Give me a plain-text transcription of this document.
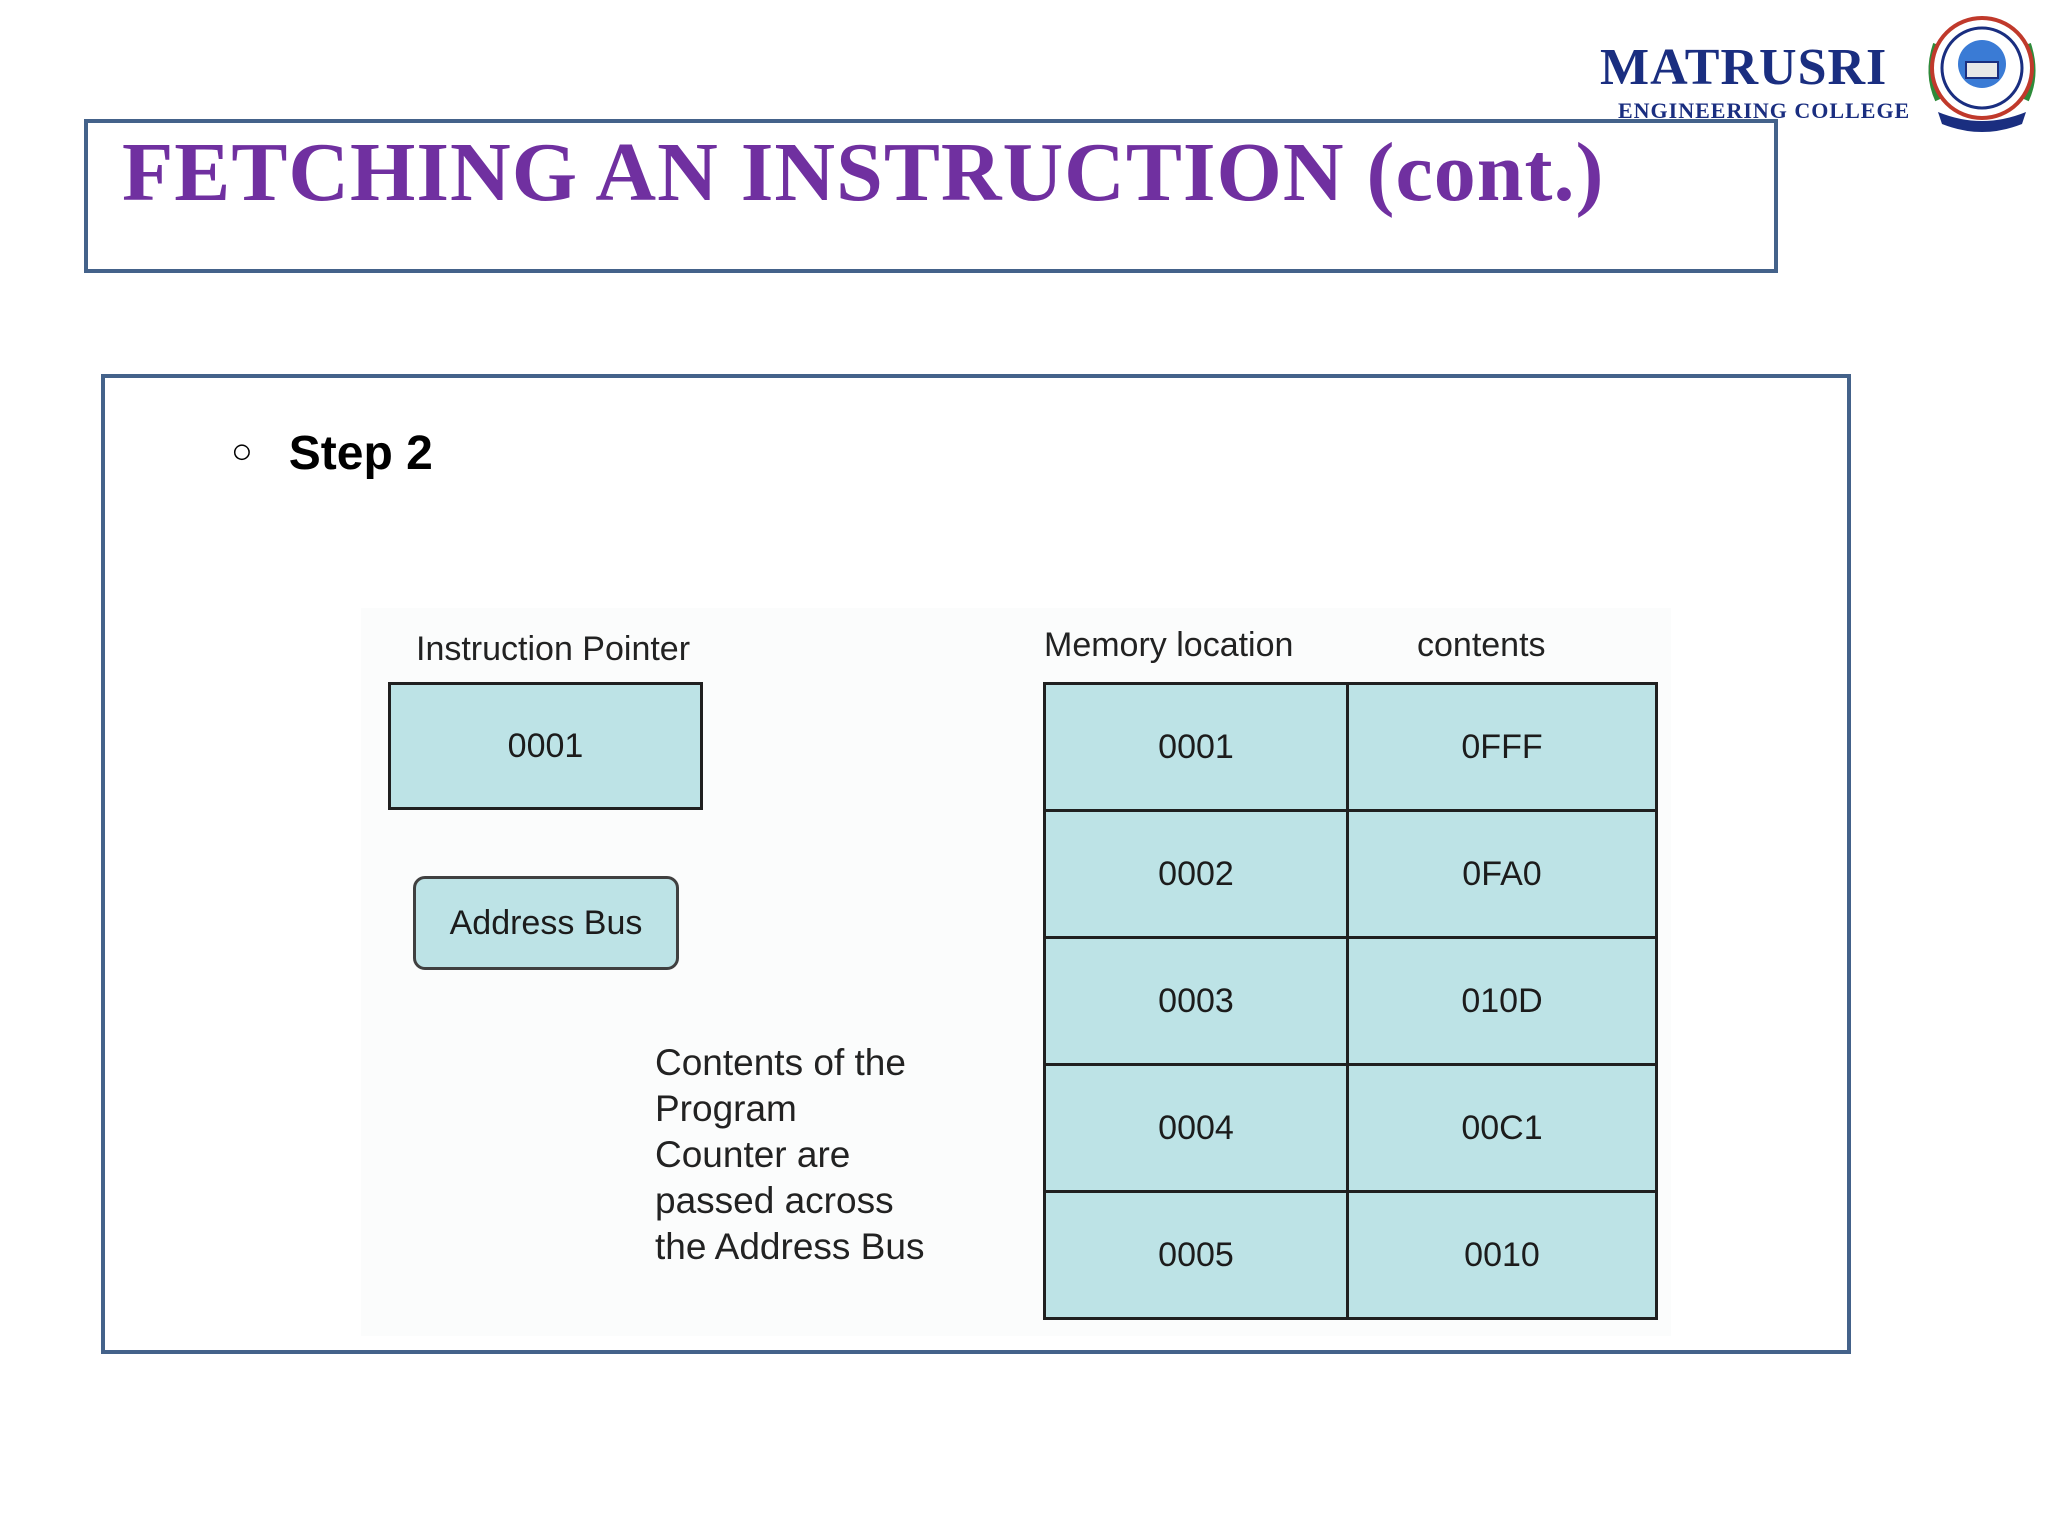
MATRUSRI
ENGINEERING COLLEGE
FETCHING AN INSTRUCTION (cont.)
○ Step 2
Instruction Pointer
0001
Address Bus
Contents of the
Program
Counter are
passed across
the Address Bus
Memory location	contents
0001	0FFF
0002	0FA0
0003	010D
0004	00C1
0005	0010
